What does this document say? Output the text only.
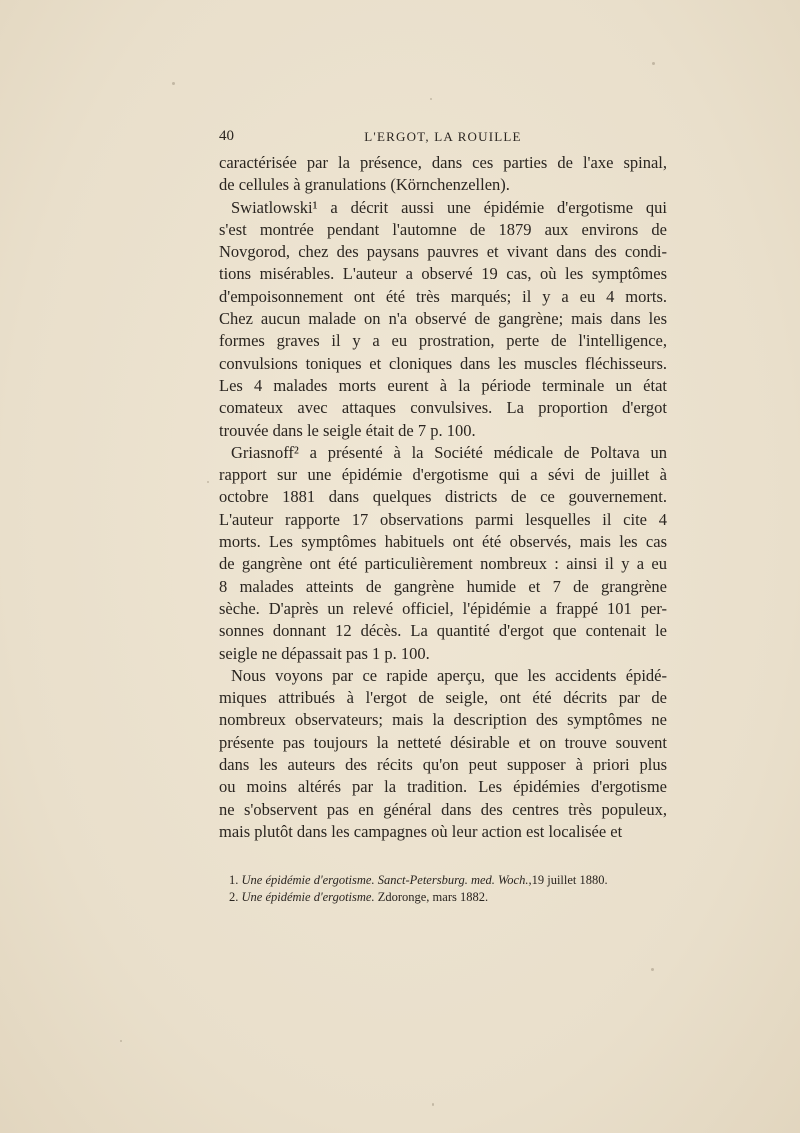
40	L'ERGOT, LA ROUILLE

caractérisée par la présence, dans ces parties de l'axe spinal,
de cellules à granulations (Körnchenzellen).

Swiatlowski¹ a décrit aussi une épidémie d'ergotisme qui
s'est montrée pendant l'automne de 1879 aux environs de
Novgorod, chez des paysans pauvres et vivant dans des condi-
tions misérables. L'auteur a observé 19 cas, où les symptômes
d'empoisonnement ont été très marqués; il y a eu 4 morts.
Chez aucun malade on n'a observé de gangrène; mais dans les
formes graves il y a eu prostration, perte de l'intelligence,
convulsions toniques et cloniques dans les muscles fléchisseurs.
Les 4 malades morts eurent à la période terminale un état
comateux avec attaques convulsives. La proportion d'ergot
trouvée dans le seigle était de 7 p. 100.

Griasnoff² a présenté à la Société médicale de Poltava un
rapport sur une épidémie d'ergotisme qui a sévi de juillet à
octobre 1881 dans quelques districts de ce gouvernement.
L'auteur rapporte 17 observations parmi lesquelles il cite 4
morts. Les symptômes habituels ont été observés, mais les cas
de gangrène ont été particulièrement nombreux : ainsi il y a eu
8 malades atteints de gangrène humide et 7 de grangrène
sèche. D'après un relevé officiel, l'épidémie a frappé 101 per-
sonnes donnant 12 décès. La quantité d'ergot que contenait le
seigle ne dépassait pas 1 p. 100.

Nous voyons par ce rapide aperçu, que les accidents épidé-
miques attribués à l'ergot de seigle, ont été décrits par de
nombreux observateurs; mais la description des symptômes ne
présente pas toujours la netteté désirable et on trouve souvent
dans les auteurs des récits qu'on peut supposer à priori plus
ou moins altérés par la tradition. Les épidémies d'ergotisme
ne s'observent pas en général dans des centres très populeux,
mais plutôt dans les campagnes où leur action est localisée et

1. Une épidémie d'ergotisme. Sanct-Petersburg. med. Woch.,19 juillet 1880.
2. Une épidémie d'ergotisme. Zdoronge, mars 1882.
